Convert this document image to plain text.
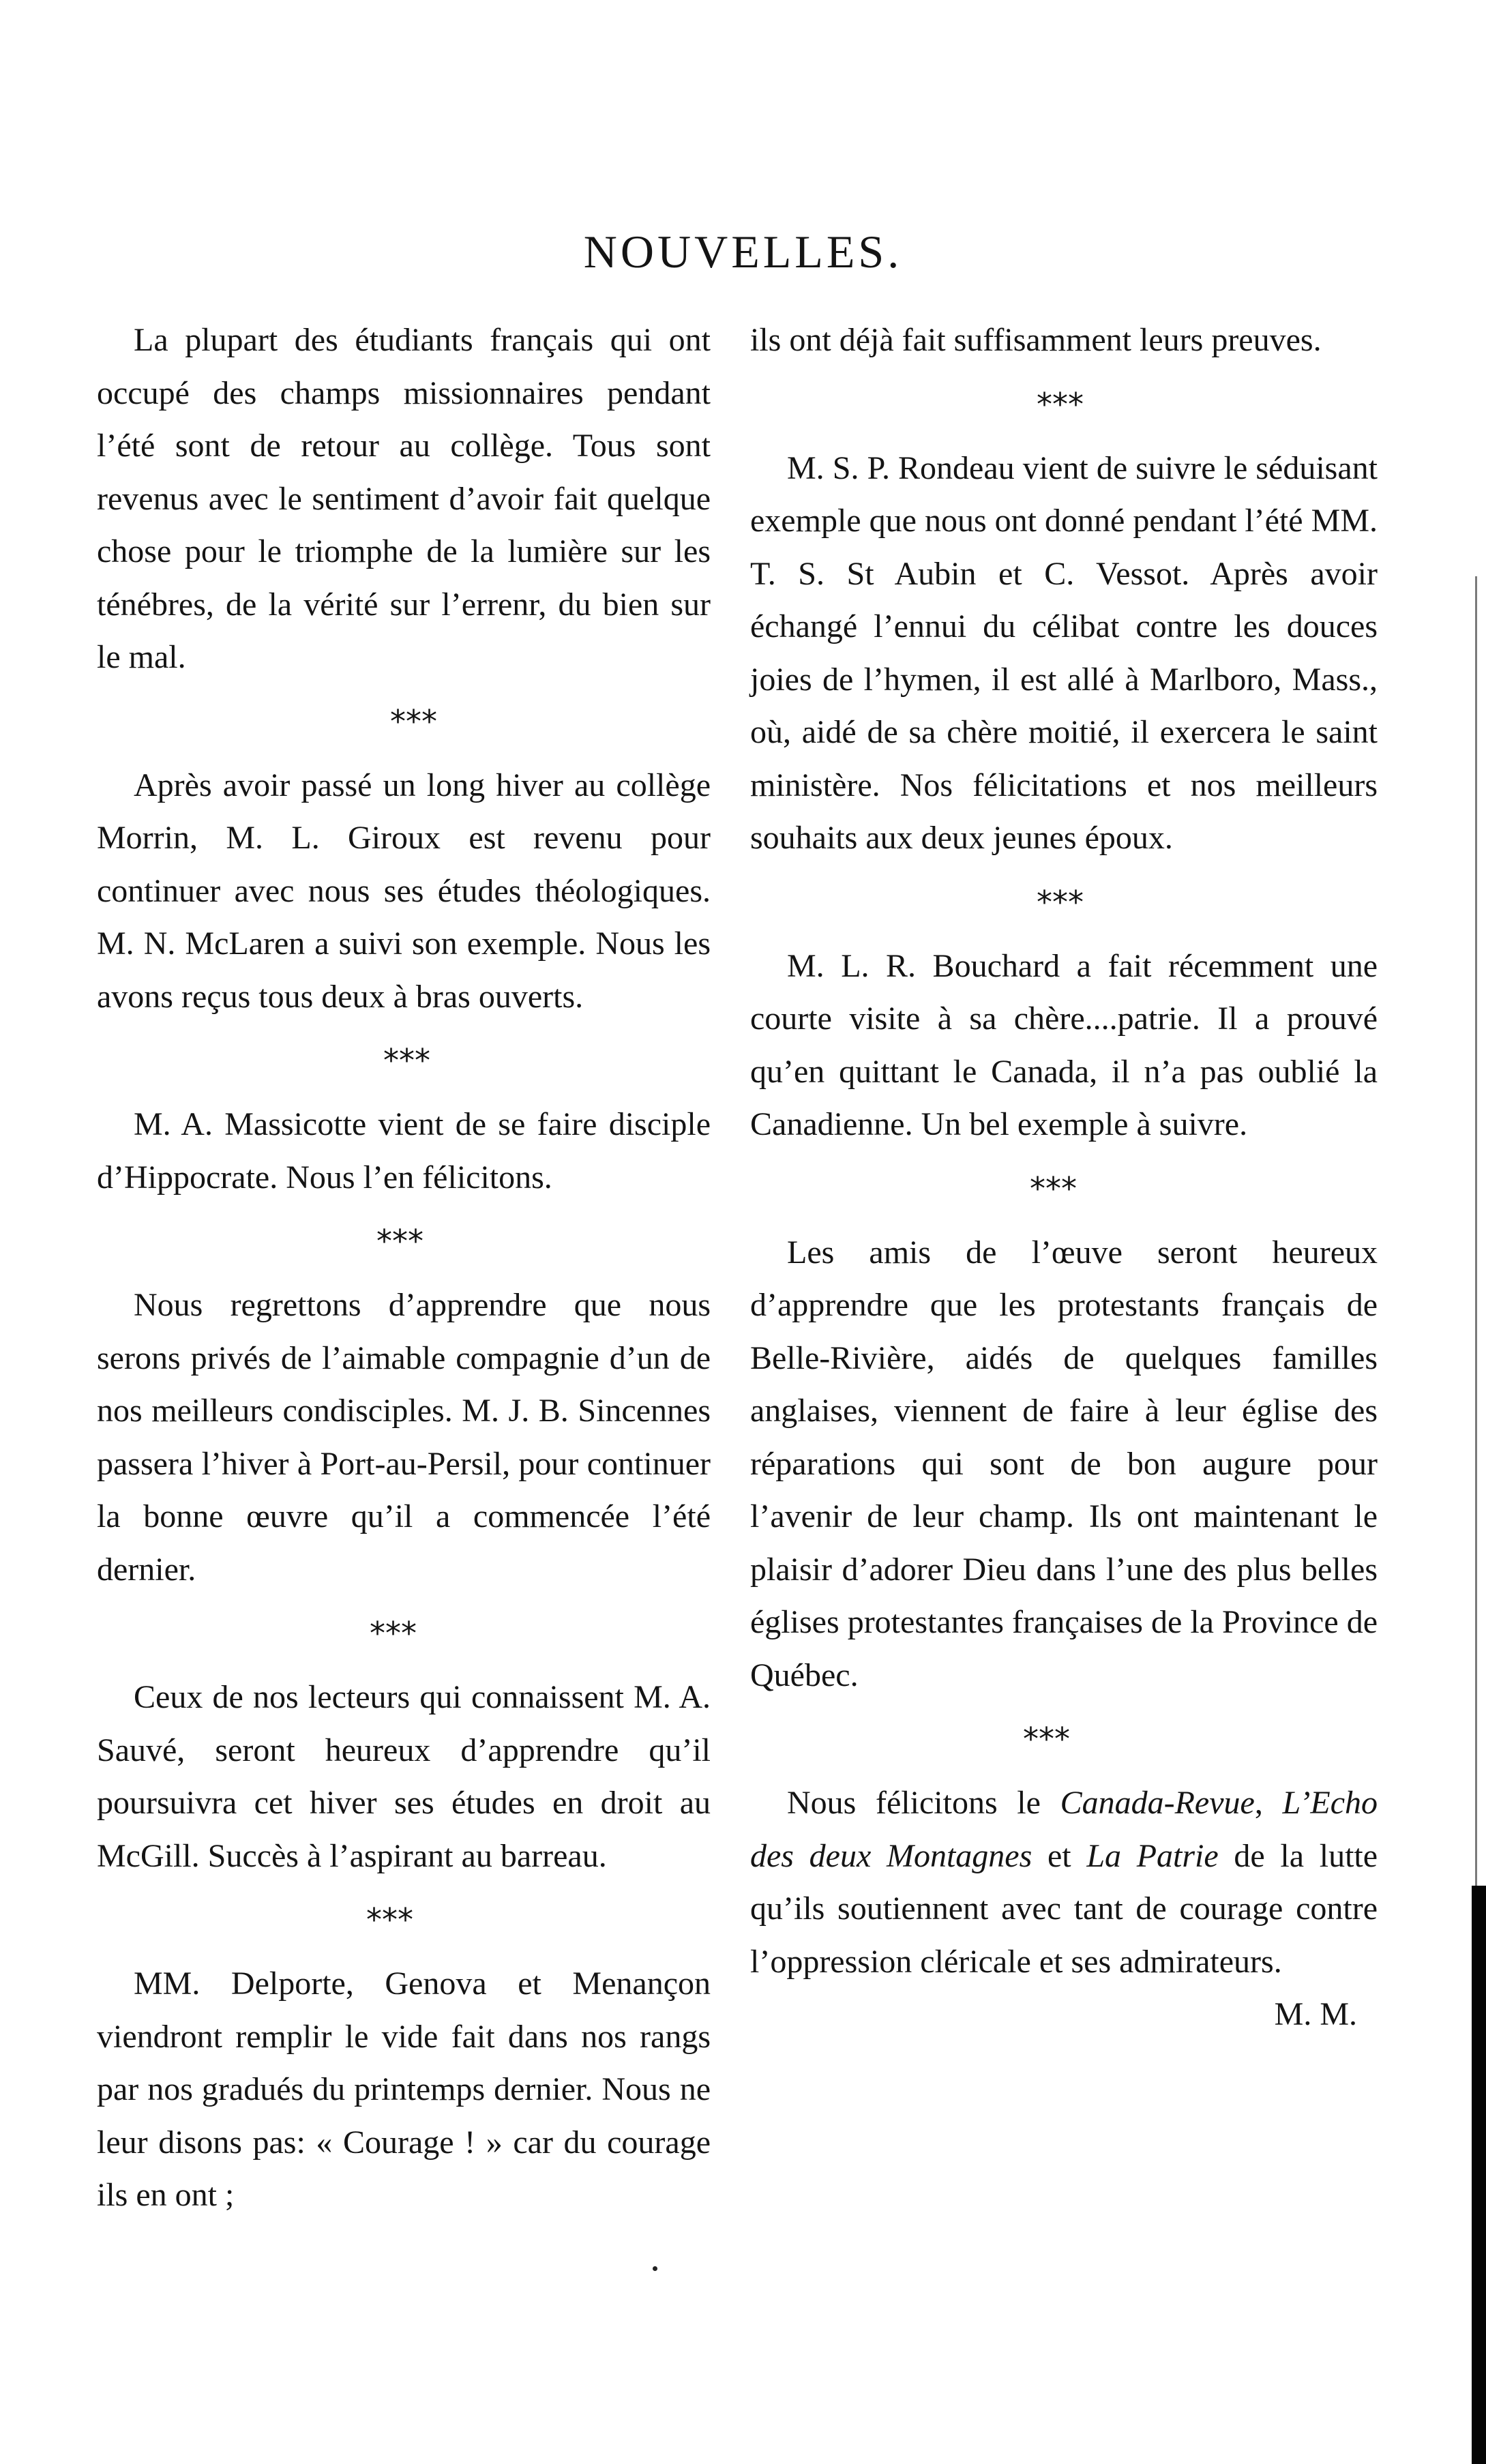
NOUVELLES.

La plupart des étudiants français qui ont occupé des champs missionnaires pendant l’été sont de retour au collège. Tous sont revenus avec le sentiment d’avoir fait quelque chose pour le triomphe de la lumière sur les ténébres, de la vérité sur l’errenr, du bien sur le mal.

***

Après avoir passé un long hiver au collège Morrin, M. L. Giroux est revenu pour continuer avec nous ses études théologiques. M. N. McLaren a suivi son exemple. Nous les avons reçus tous deux à bras ouverts.

***

M. A. Massicotte vient de se faire disciple d’Hippocrate. Nous l’en félicitons.

***

Nous regrettons d’apprendre que nous serons privés de l’aimable compagnie d’un de nos meilleurs condisciples. M. J. B. Sincennes passera l’hiver à Port-au-Persil, pour continuer la bonne œuvre qu’il a commencée l’été dernier.

***

Ceux de nos lecteurs qui connaissent M. A. Sauvé, seront heureux d’apprendre qu’il poursuivra cet hiver ses études en droit au McGill. Succès à l’aspirant au barreau.

***

MM. Delporte, Genova et Menançon viendront remplir le vide fait dans nos rangs par nos gradués du printemps dernier. Nous ne leur disons pas: « Courage ! » car du courage ils en ont ;

ils ont déjà fait suffisamment leurs preuves.

***

M. S. P. Rondeau vient de suivre le séduisant exemple que nous ont donné pendant l’été MM. T. S. St Aubin et C. Vessot. Après avoir échangé l’ennui du célibat contre les douces joies de l’hymen, il est allé à Marlboro, Mass., où, aidé de sa chère moitié, il exercera le saint ministère. Nos félicitations et nos meilleurs souhaits aux deux jeunes époux.

***

M. L. R. Bouchard a fait récemment une courte visite à sa chère....patrie. Il a prouvé qu’en quittant le Canada, il n’a pas oublié la Canadienne. Un bel exemple à suivre.

***

Les amis de l’œuve seront heureux d’apprendre que les protestants français de Belle-Rivière, aidés de quelques familles anglaises, viennent de faire à leur église des réparations qui sont de bon augure pour l’avenir de leur champ. Ils ont maintenant le plaisir d’adorer Dieu dans l’une des plus belles églises protestantes françaises de la Province de Québec.

***

Nous félicitons le Canada-Revue, L’Echo des deux Montagnes et La Patrie de la lutte qu’ils soutiennent avec tant de courage contre l’oppression cléricale et ses admirateurs.

M. M.
